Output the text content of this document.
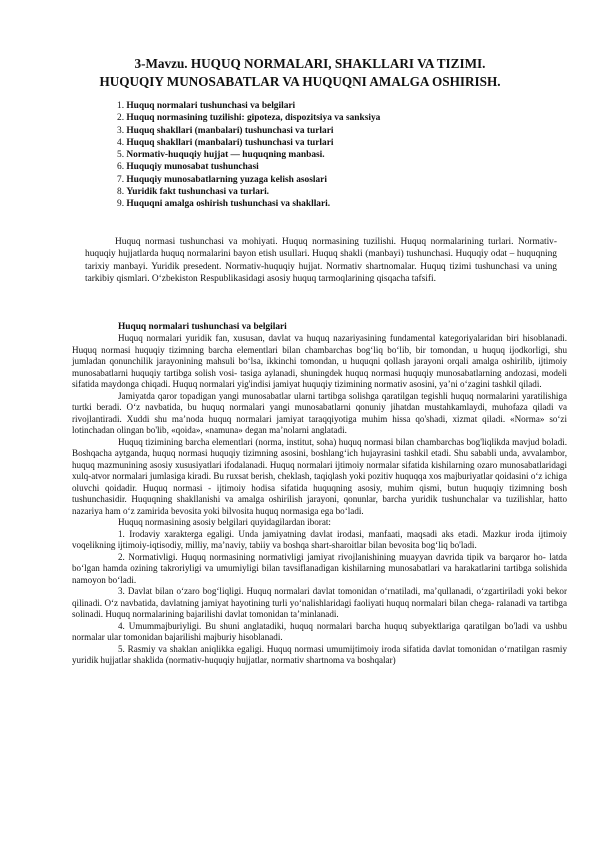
3-Mavzu. HUQUQ NORMALARI, SHAKLLARI VA TIZIMI.
HUQUQIY MUNOSABATLAR VA HUQUQNI AMALGA OSHIRISH.
1. Huquq normalari tushunchasi va belgilari
2. Huquq normasining tuzilishi: gipoteza, dispozitsiya va sanksiya
3. Huquq shakllari (manbalari) tushunchasi va turlari
4. Huquq shakllari (manbalari) tushunchasi va turlari
5. Normativ-huquqiy hujjat — huquqning manbasi.
6. Huquqiy munosabat tushunchasi
7. Huquqiy munosabatlarning yuzaga kelish asoslari
8. Yuridik fakt tushunchasi va turlari.
9. Huquqni amalga oshirish tushunchasi va shakllari.

Huquq normasi tushunchasi va mohiyati. Huquq normasining tuzilishi. Huquq normalarining turlari. Normativ-huquqiy hujjatlarda huquq normalarini bayon etish usullari. Huquq shakli (manbayi) tushunchasi. Huquqiy odat – huquqning tarixiy manbayi. Yuridik presedent. Normativ-huquqiy hujjat. Normativ shartnomalar. Huquq tizimi tushunchasi va uning tarkibiy qismlari. O‘zbekiston Respublikasidagi asosiy huquq tarmoqlarining qisqacha tafsifi.

Huquq normalari tushunchasi va belgilari

Huquq normalari yuridik fan, xususan, davlat va huquq nazariyasining fundamental kategoriyalaridan biri hisoblanadi. Huquq normasi huquqiy tizimning barcha elementlari bilan chambarchas bog‘liq bo‘lib, bir tomondan, u huquq ijodkorligi, shu jumladan qonunchilik jarayonining mahsuli bo‘lsa, ikkinchi tomondan, u huquqni qollash jarayoni orqali amalga oshirilib, ijtimoiy munosabatlarni huquqiy tartibga solish vosi- tasiga aylanadi, shuningdek huquq normasi huquqiy munosabatlarning andozasi, modeli sifatida maydonga chiqadi. Huquq normalari yig'indisi jamiyat huquqiy tizimining normativ asosini, ya’ni o‘zagini tashkil qiladi.

Jamiyatda qaror topadigan yangi munosabatlar ularni tartibga solishga qaratilgan tegishli huquq normalarini yaratilishiga turtki beradi. O‘z navbatida, bu huquq normalari yangi munosabatlarni qonuniy jihatdan mustahkamlaydi, muhofaza qiladi va rivojlantiradi. Xuddi shu ma’noda huquq normalari jamiyat taraqqiyotiga muhim hissa qo'shadi, xizmat qiladi. «Norma» so‘zi lotinchadan olingan bo'lib, «qoida», «namuna» degan ma’nolarni anglatadi.

Huquq tizimining barcha elementlari (norma, institut, soha) huquq normasi bilan chambarchas bog'liqlikda mavjud boladi. Boshqacha aytganda, huquq normasi huquqiy tizimning asosini, boshlang‘ich hujayrasini tashkil etadi. Shu sababli unda, avvalambor, huquq mazmunining asosiy xususiyatlari ifodalanadi. Huquq normalari ijtimoiy normalar sifatida kishilarning ozaro munosabatlaridagi xulq-atvor normalari jumlasiga kiradi. Bu ruxsat berish, cheklash, taqiqlash yoki pozitiv huquqqa xos majburiyatlar qoidasini o‘z ichiga oluvchi qoidadir. Huquq normasi - ijtimoiy hodisa sifatida huquqning asosiy, muhim qismi, butun huquqiy tizimning bosh tushunchasidir. Huquqning shakllanishi va amalga oshirilish jarayoni, qonunlar, barcha yuridik tushunchalar va tuzilishlar, hatto nazariya ham o‘z zamirida bevosita yoki bilvosita huquq normasiga ega bo‘ladi.

Huquq normasining asosiy belgilari quyidagilardan iborat:

1. Irodaviy xarakterga egaligi. Unda jamiyatning davlat irodasi, manfaati, maqsadi aks etadi. Mazkur iroda ijtimoiy voqelikning ijtimoiy-iqtisodiy, milliy, ma’naviy, tabiiy va boshqa shart-sharoitlar bilan bevosita bog‘liq bo'ladi.

2. Normativligi. Huquq normasining normativligi jamiyat rivojlanishining muayyan davrida tipik va barqaror ho- latda bo‘lgan hamda ozining takroriyligi va umumiyligi bilan tavsiflanadigan kishilarning munosabatlari va harakatlarini tartibga solishida namoyon bo‘ladi.

3. Davlat bilan o‘zaro bog‘liqligi. Huquq normalari davlat tomonidan o‘rnatiladi, ma’qullanadi, o‘zgartiriladi yoki bekor qilinadi. O‘z navbatida, davlatning jamiyat hayotining turli yo‘nalishlaridagi faoliyati huquq normalari bilan chega- ralanadi va tartibga solinadi. Huquq normalarining bajarilishi davlat tomonidan ta’minlanadi.

4. Umummajburiyligi. Bu shuni anglatadiki, huquq normalari barcha huquq subyektlariga qaratilgan bo'ladi va ushbu normalar ular tomonidan bajarilishi majburiy hisoblanadi.

5. Rasmiy va shaklan aniqlikka egaligi. Huquq normasi umumijtimoiy iroda sifatida davlat tomonidan o‘rnatilgan rasmiy yuridik hujjatlar shaklida (normativ-huquqiy hujjatlar, normativ shartnoma va boshqalar)
